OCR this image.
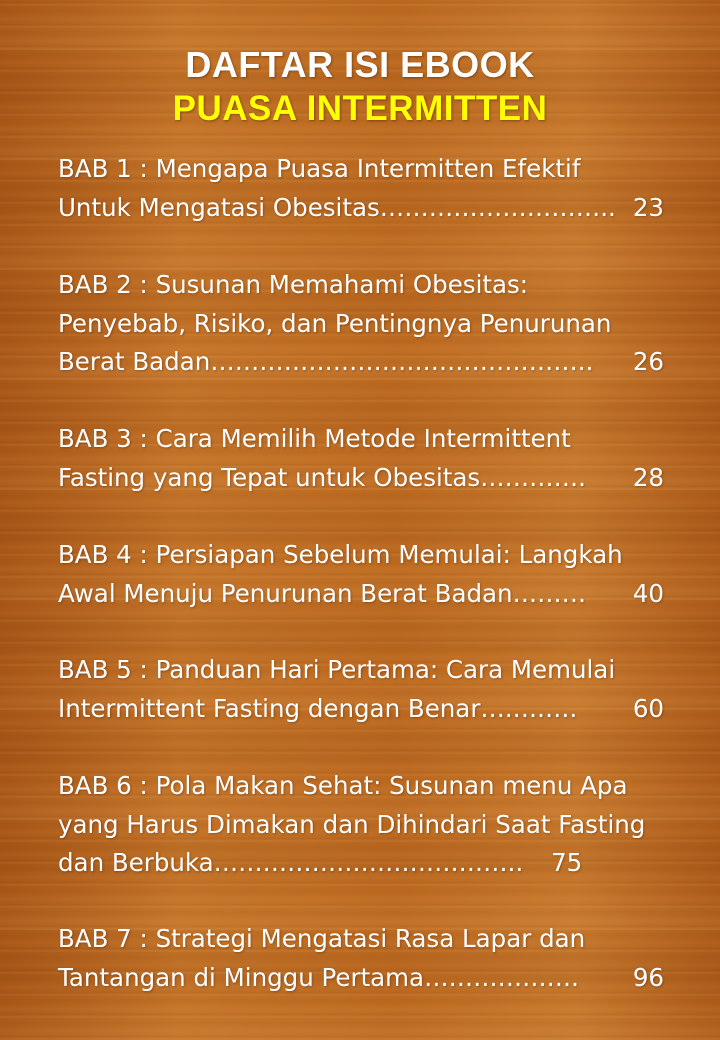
DAFTAR ISI EBOOK
PUASA INTERMITTEN
BAB 1 : Mengapa Puasa Intermitten Efektif
Untuk Mengatasi Obesitas……………………….. 23
BAB 2 : Susunan Memahami Obesitas:
Penyebab, Risiko, dan Pentingnya Penurunan
Berat Badan……………………………………….. 26
BAB 3 : Cara Memilih Metode Intermittent
Fasting yang Tepat untuk Obesitas…………. 28
BAB 4 : Persiapan Sebelum Memulai: Langkah
Awal Menuju Penurunan Berat Badan……… 40
BAB 5 : Panduan Hari Pertama: Cara Memulai
Intermittent Fasting dengan Benar….….…. 60
BAB 6 : Pola Makan Sehat: Susunan menu Apa
yang Harus Dimakan dan Dihindari Saat Fasting
dan Berbuka……………………………….. 75
BAB 7 : Strategi Mengatasi Rasa Lapar dan
Tantangan di Minggu Pertama………………. 96
